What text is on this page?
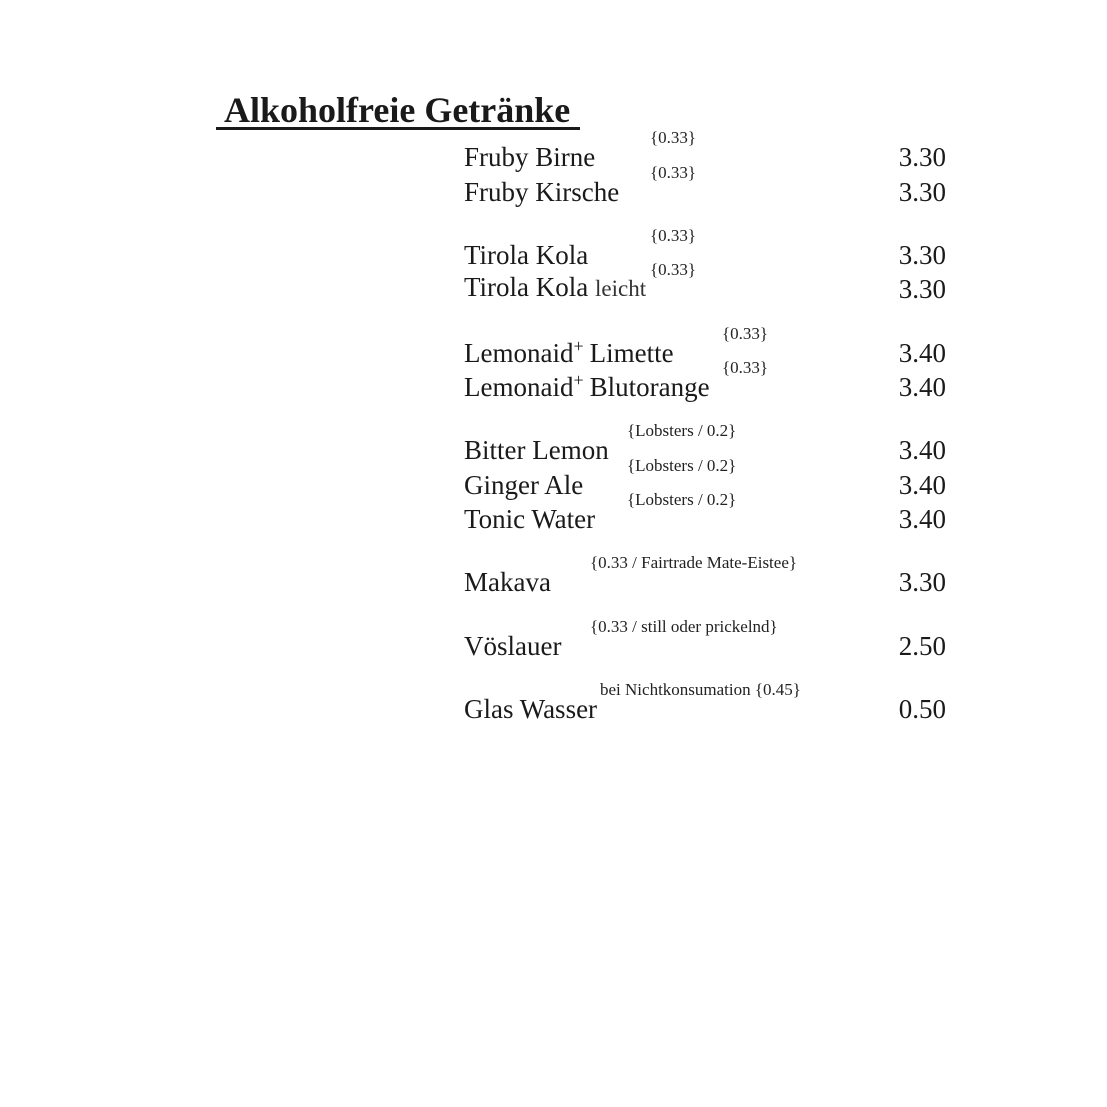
Alkoholfreie Getränke
Fruby Birne
{0.33}
3.30
Fruby Kirsche
{0.33}
3.30
Tirola Kola
{0.33}
3.30
Tirola Kola leicht
{0.33}
3.30
Lemonaid+ Limette
{0.33}
3.40
Lemonaid+ Blutorange
{0.33}
3.40
Bitter Lemon
{Lobsters / 0.2}
3.40
Ginger Ale
{Lobsters / 0.2}
3.40
Tonic Water
{Lobsters / 0.2}
3.40
Makava
{0.33 / Fairtrade Mate-Eistee}
3.30
Vöslauer
{0.33 / still oder prickelnd}
2.50
Glas Wasser
bei Nichtkonsumation {0.45}
0.50
